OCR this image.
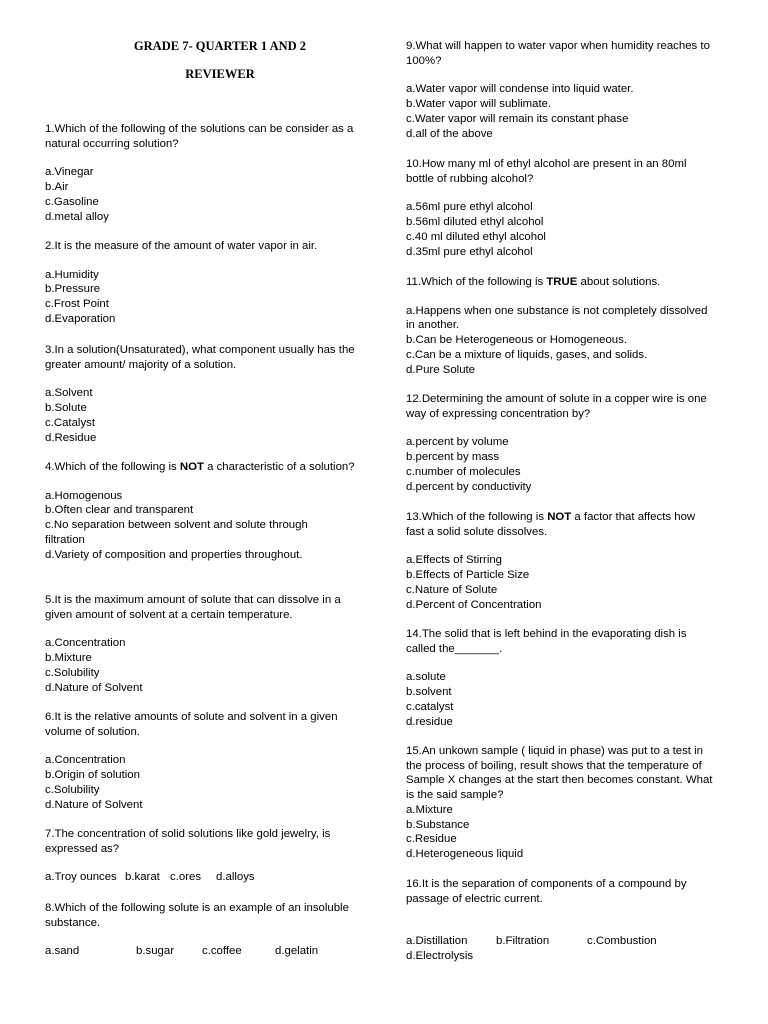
GRADE 7- QUARTER 1 AND 2
REVIEWER
1.Which of the following of the solutions can be consider as a natural occurring solution?
a.Vinegar
b.Air
c.Gasoline
d.metal alloy
2.It is the measure of the amount of water vapor in air.
a.Humidity
b.Pressure
c.Frost Point
d.Evaporation
3.In a solution(Unsaturated), what component usually has the greater amount/ majority of a solution.
a.Solvent
b.Solute
c.Catalyst
d.Residue
4.Which of the following is NOT a characteristic of a solution?
a.Homogenous
b.Often clear and transparent
c.No separation between solvent and solute through
filtration
d.Variety of composition and properties throughout.
5.It is the maximum amount of solute that can dissolve in a given amount of solvent at a certain temperature.
a.Concentration
b.Mixture
c.Solubility
d.Nature of Solvent
6.It is the relative amounts of solute and solvent in a given volume of solution.
a.Concentration
b.Origin of solution
c.Solubility
d.Nature of Solvent
7.The concentration of solid solutions like gold jewelry, is expressed as?
a.Troy ounces b.karat c.ores d.alloys
8.Which of the following solute is an example of an insoluble substance.
a.sand	b.sugar c.coffee	d.gelatin
9.What will happen to water vapor when humidity reaches to 100%?
a.Water vapor will condense into liquid water.
b.Water vapor will sublimate.
c.Water vapor will remain its constant phase
d.all of the above
10.How many ml of ethyl alcohol are present in an 80ml bottle of rubbing alcohol?
a.56ml pure ethyl alcohol
b.56ml diluted ethyl alcohol
c.40 ml diluted ethyl alcohol
d.35ml pure ethyl alcohol
11.Which of the following is TRUE about solutions.
a.Happens when one substance is not completely dissolved in another.
b.Can be Heterogeneous or Homogeneous.
c.Can be a mixture of liquids, gases, and solids.
d.Pure Solute
12.Determining the amount of solute in a copper wire is one way of expressing concentration by?
a.percent by volume
b.percent by mass
c.number of molecules
d.percent by conductivity
13.Which of the following is NOT a factor that affects how fast a solid solute dissolves.
a.Effects of Stirring
b.Effects of Particle Size
c.Nature of Solute
d.Percent of Concentration
14.The solid that is left behind in the evaporating dish is called the_______.
a.solute
b.solvent
c.catalyst
d.residue
15.An unkown sample ( liquid in phase) was put to a test in the process of boiling, result shows that the temperature of Sample X changes at the start then becomes constant. What is the said sample?
a.Mixture
b.Substance
c.Residue
d.Heterogeneous liquid
16.It is the separation of components of a compound by passage of electric current.
a.Distillation	b.Filtration	c.Combustion
d.Electrolysis
